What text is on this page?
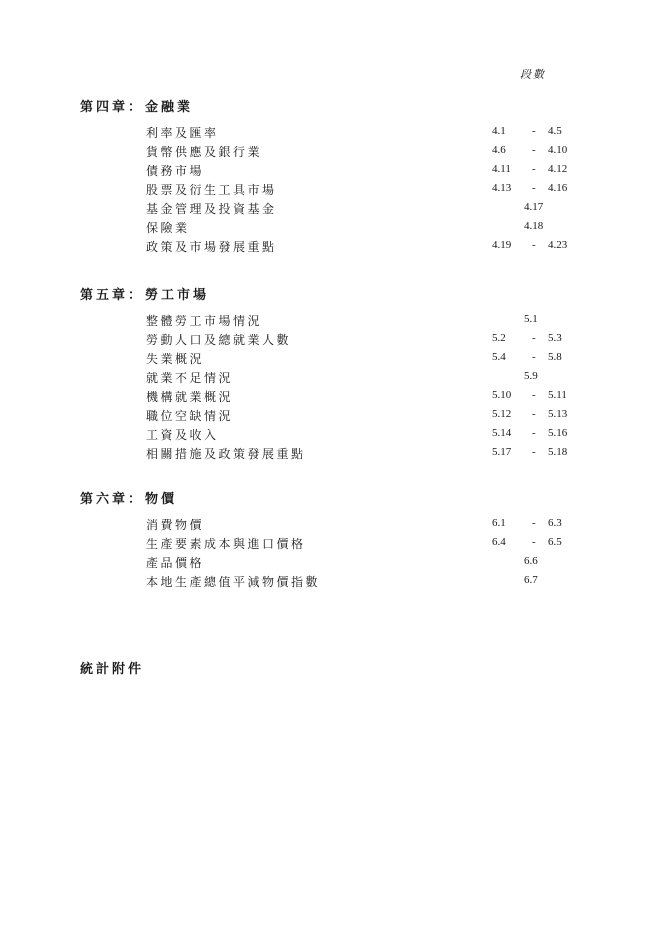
段數
第四章： 金融業
利率及匯率	4.1 - 4.5
貨幣供應及銀行業	4.6 - 4.10
債務市場	4.11 - 4.12
股票及衍生工具市場	4.13 - 4.16
基金管理及投資基金	4.17
保險業	4.18
政策及市場發展重點	4.19 - 4.23
第五章： 勞工市場
整體勞工市場情況	5.1
勞動人口及總就業人數	5.2 - 5.3
失業概況	5.4 - 5.8
就業不足情況	5.9
機構就業概況	5.10 - 5.11
職位空缺情況	5.12 - 5.13
工資及收入	5.14 - 5.16
相關措施及政策發展重點	5.17 - 5.18
第六章： 物價
消費物價	6.1 - 6.3
生產要素成本與進口價格	6.4 - 6.5
產品價格	6.6
本地生產總值平減物價指數	6.7
統計附件
